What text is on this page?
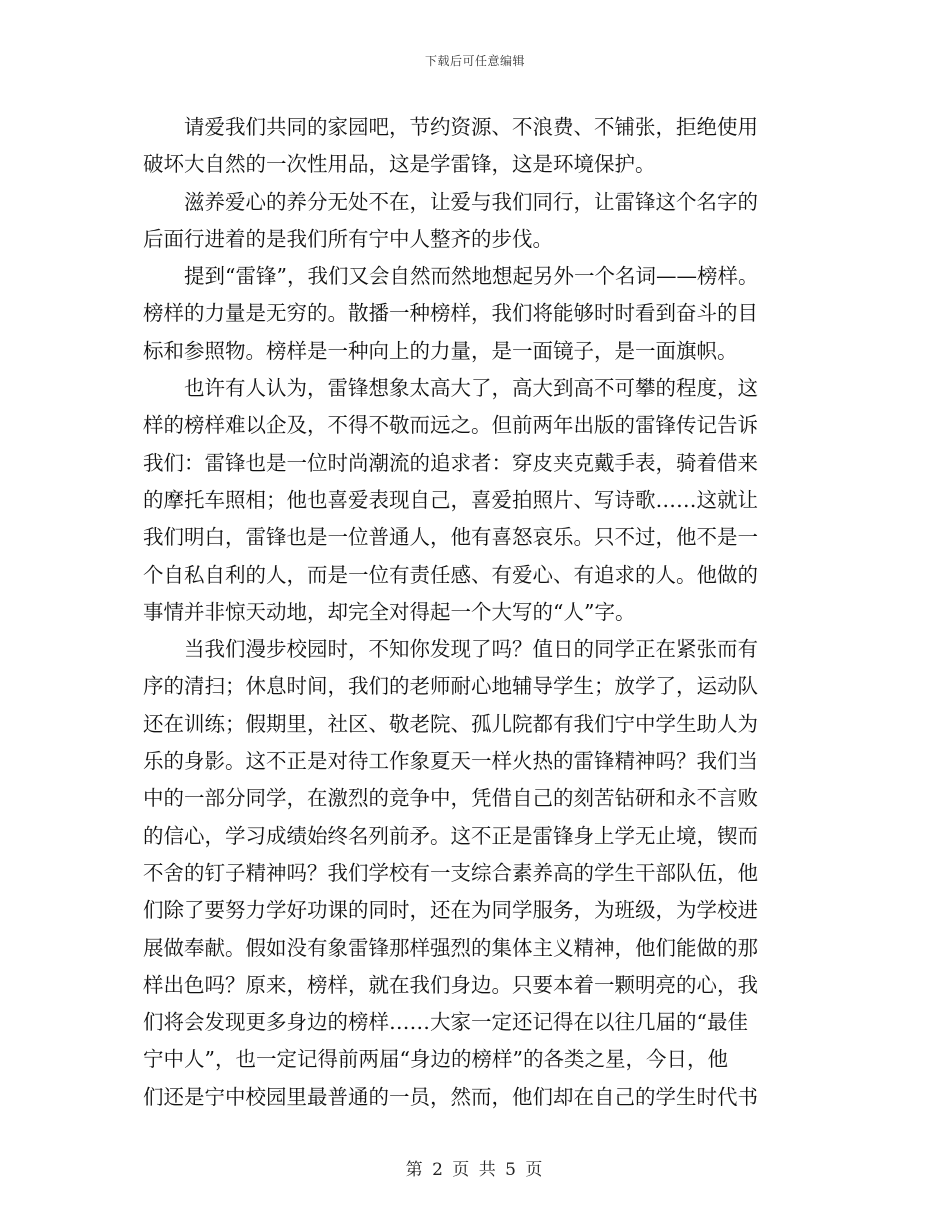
下载后可任意编辑

请爱我们共同的家园吧，节约资源、不浪费、不铺张，拒绝使用
破坏大自然的一次性用品，这是学雷锋，这是环境保护。

滋养爱心的养分无处不在，让爱与我们同行，让雷锋这个名字的
后面行进着的是我们所有宁中人整齐的步伐。

提到“雷锋”，我们又会自然而然地想起另外一个名词——榜样。
榜样的力量是无穷的。散播一种榜样，我们将能够时时看到奋斗的目
标和参照物。榜样是一种向上的力量，是一面镜子，是一面旗帜。

也许有人认为，雷锋想象太高大了，高大到高不可攀的程度，这
样的榜样难以企及，不得不敬而远之。但前两年出版的雷锋传记告诉
我们：雷锋也是一位时尚潮流的追求者：穿皮夹克戴手表，骑着借来
的摩托车照相；他也喜爱表现自己，喜爱拍照片、写诗歌……这就让
我们明白，雷锋也是一位普通人，他有喜怒哀乐。只不过，他不是一
个自私自利的人，而是一位有责任感、有爱心、有追求的人。他做的
事情并非惊天动地，却完全对得起一个大写的“人”字。

当我们漫步校园时，不知你发现了吗？值日的同学正在紧张而有
序的清扫；休息时间，我们的老师耐心地辅导学生；放学了，运动队
还在训练；假期里，社区、敬老院、孤儿院都有我们宁中学生助人为
乐的身影。这不正是对待工作象夏天一样火热的雷锋精神吗？我们当
中的一部分同学，在激烈的竞争中，凭借自己的刻苦钻研和永不言败
的信心，学习成绩始终名列前矛。这不正是雷锋身上学无止境，锲而
不舍的钉子精神吗？我们学校有一支综合素养高的学生干部队伍，他
们除了要努力学好功课的同时，还在为同学服务，为班级，为学校进
展做奉献。假如没有象雷锋那样强烈的集体主义精神，他们能做的那
样出色吗？原来，榜样，就在我们身边。只要本着一颗明亮的心，我
们将会发现更多身边的榜样……大家一定还记得在以往几届的“最佳
宁中人”，也一定记得前两届“身边的榜样”的各类之星，今日，他
们还是宁中校园里最普通的一员，然而，他们却在自己的学生时代书

第 2 页 共 5 页
